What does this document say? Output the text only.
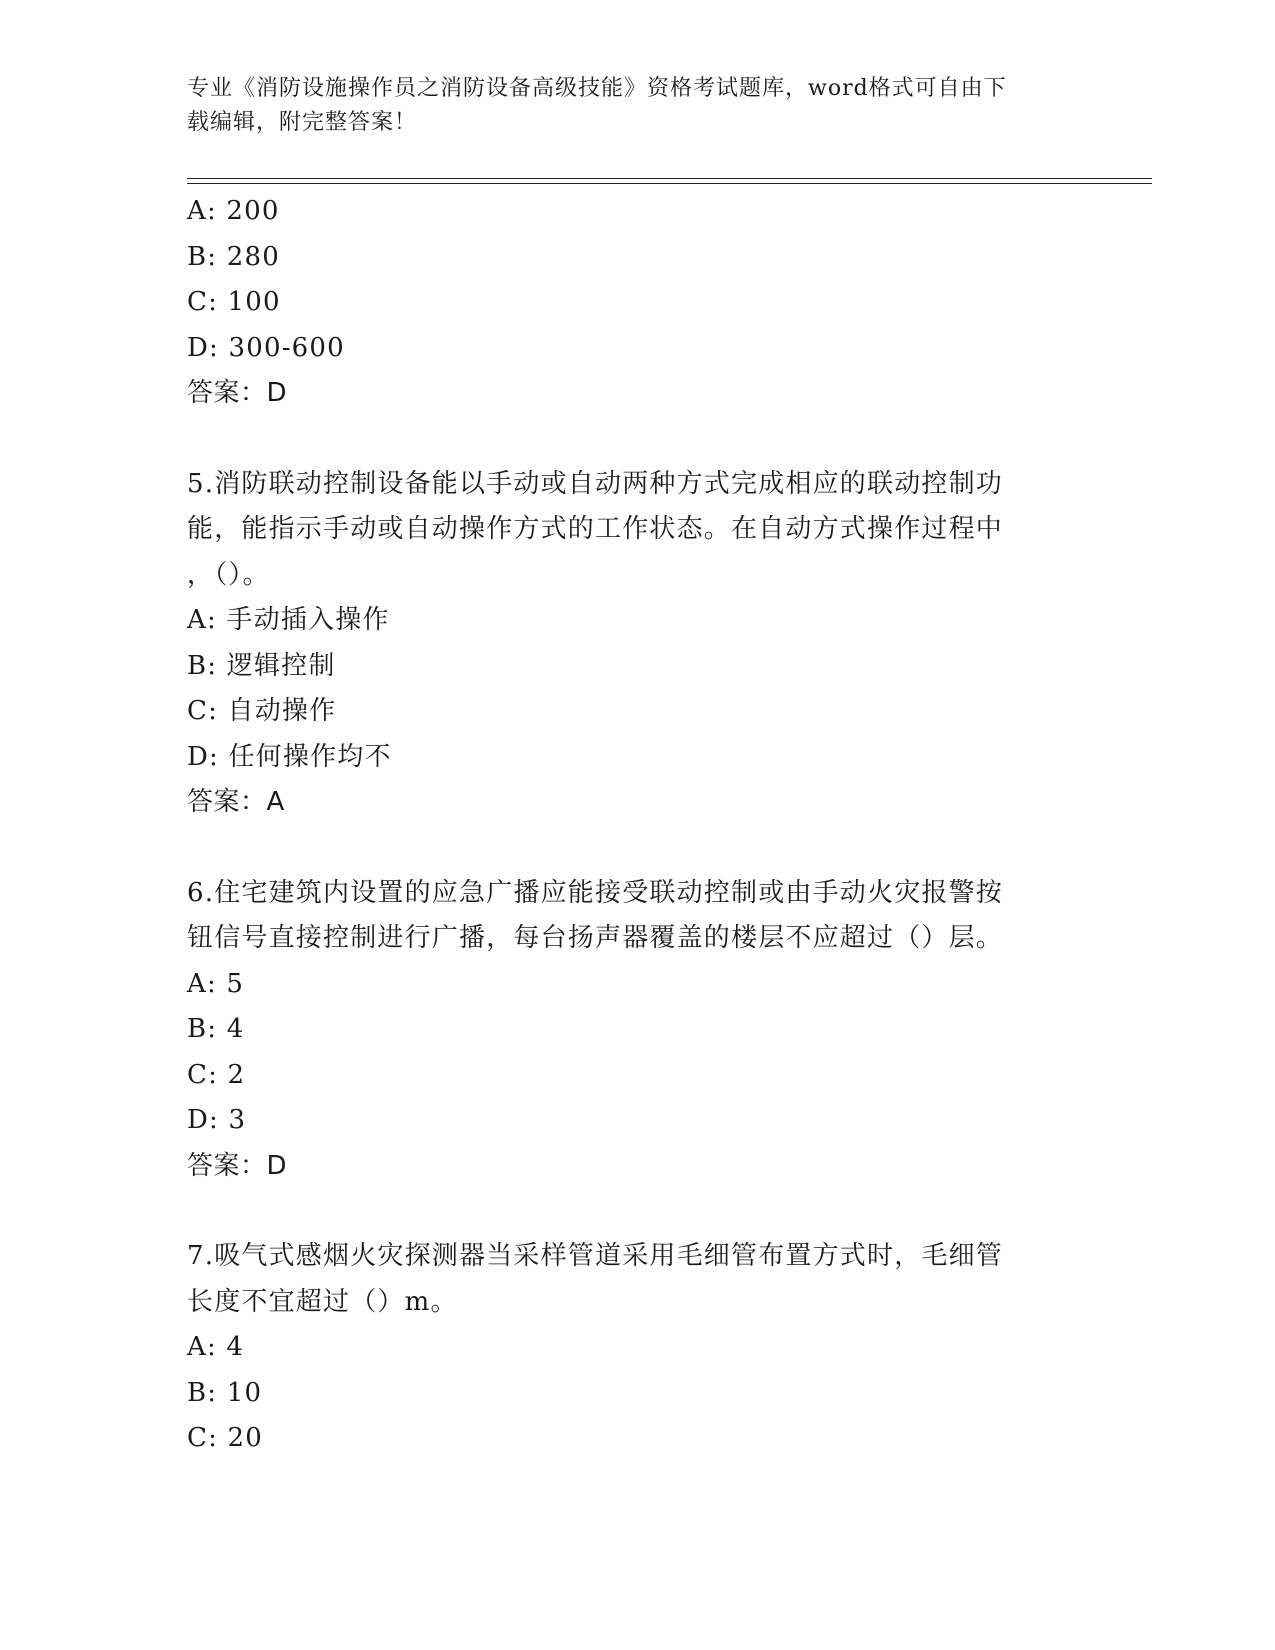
专业《消防设施操作员之消防设备高级技能》资格考试题库，word格式可自由下
载编辑，附完整答案！
A: 200
B: 280
C: 100
D: 300-600
答案：D
5.消防联动控制设备能以手动或自动两种方式完成相应的联动控制功
能，能指示手动或自动操作方式的工作状态。在自动方式操作过程中
，（）。
A: 手动插入操作
B: 逻辑控制
C: 自动操作
D: 任何操作均不
答案：A
6.住宅建筑内设置的应急广播应能接受联动控制或由手动火灾报警按
钮信号直接控制进行广播，每台扬声器覆盖的楼层不应超过（）层。
A: 5
B: 4
C: 2
D: 3
答案：D
7.吸气式感烟火灾探测器当采样管道采用毛细管布置方式时，毛细管
长度不宜超过（）m。
A: 4
B: 10
C: 20
